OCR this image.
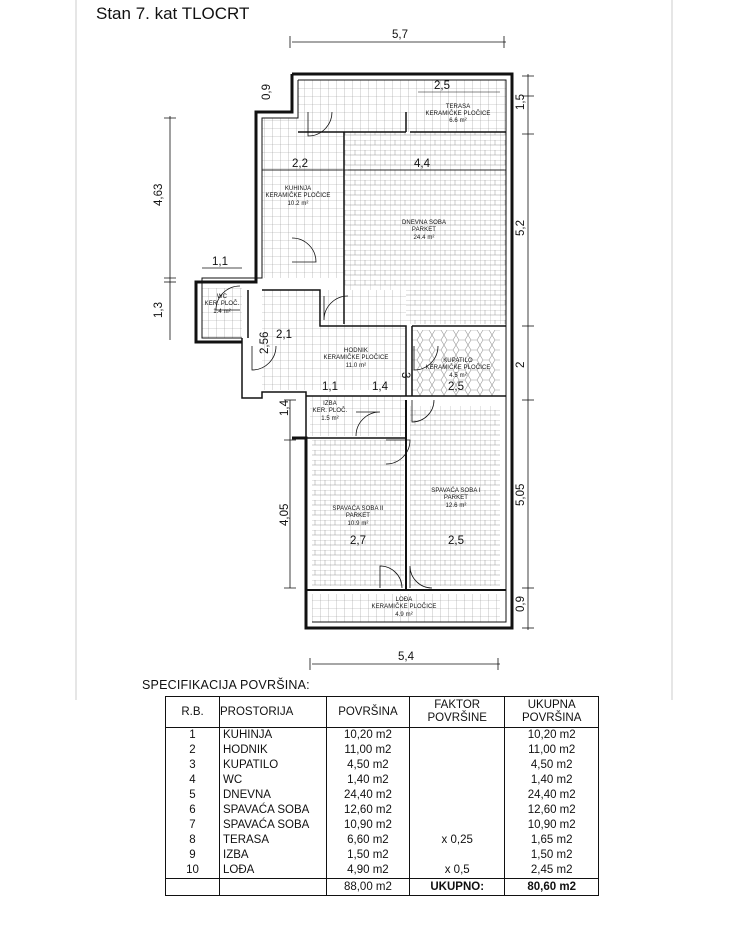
Stan 7. kat TLOCRT
5,7
5,4
4,63
1,3
1,4
4,05
0,9
1,5
5,2
2
5,05
0,9
1,1
2,5
2,2	4,4
2,1
2,56
2,5
1,1	1,4
3
2,7	2,5
TERASA
KERAMIČKE PLOČICE
6.6 m²
KUHINJA
KERAMIČKE PLOČICE
10.2 m²
DNEVNA SOBA
PARKET
24.4 m²
WC
KER. PLOČ.
1.4 m²
HODNIK
KERAMIČKE PLOČICE
11.0 m²
KUPATILO
KERAMIČKE PLOČICE
4.5 m²
IZBA
KER. PLOČ.
1.5 m²
SPAVAĆA SOBA II
PARKET
10.9 m²
SPAVAĆA SOBA I
PARKET
12.6 m²
LOĐA
KERAMIČKE PLOČICE
4.9 m²
SPECIFIKACIJA POVRŠINA:
R.B.	PROSTORIJA	POVRŠINA	FAKTOR POVRŠINE	UKUPNA POVRŠINA
1	KUHINJA	10,20 m2		10,20 m2
2	HODNIK	11,00 m2		11,00 m2
3	KUPATILO	4,50 m2		4,50 m2
4	WC	1,40 m2		1,40 m2
5	DNEVNA	24,40 m2		24,40 m2
6	SPAVAĆA SOBA	12,60 m2		12,60 m2
7	SPAVAĆA SOBA	10,90 m2		10,90 m2
8	TERASA	6,60 m2	x 0,25	1,65 m2
9	IZBA	1,50 m2		1,50 m2
10	LOĐA	4,90 m2	x 0,5	2,45 m2
		88,00 m2	UKUPNO:	80,60 m2
